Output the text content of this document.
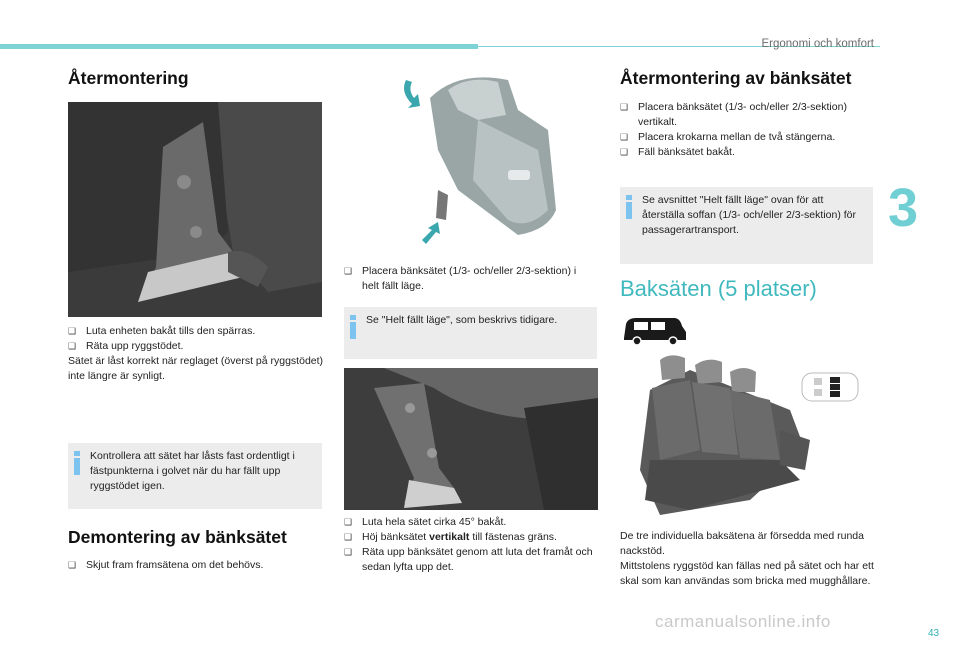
Ergonomi och komfort
3
Återmontering
❑ Luta enheten bakåt tills den spärras.
❑ Räta upp ryggstödet.
Sätet är låst korrekt när reglaget (överst på ryggstödet) inte längre är synligt.
Kontrollera att sätet har låsts fast ordentligt i fästpunkterna i golvet när du har fällt upp ryggstödet igen.
Demontering av bänksätet
❑ Skjut fram framsätena om det behövs.
❑ Placera bänksätet (1/3- och/eller 2/3-sektion) i helt fällt läge.
Se "Helt fällt läge", som beskrivs tidigare.
❑ Luta hela sätet cirka 45° bakåt.
❑ Höj bänksätet vertikalt till fästenas gräns.
❑ Räta upp bänksätet genom att luta det framåt och sedan lyfta upp det.
Återmontering av bänksätet
❑ Placera bänksätet (1/3- och/eller 2/3-sektion) vertikalt.
❑ Placera krokarna mellan de två stängerna.
❑ Fäll bänksätet bakåt.
Se avsnittet "Helt fällt läge" ovan för att återställa soffan (1/3- och/eller 2/3-sektion) för passagerartransport.
Baksäten (5 platser)
De tre individuella baksätena är försedda med runda nackstöd.
Mittstolens ryggstöd kan fällas ned på sätet och har ett skal som kan användas som bricka med mugghållare.
carmanualsonline.info
43
